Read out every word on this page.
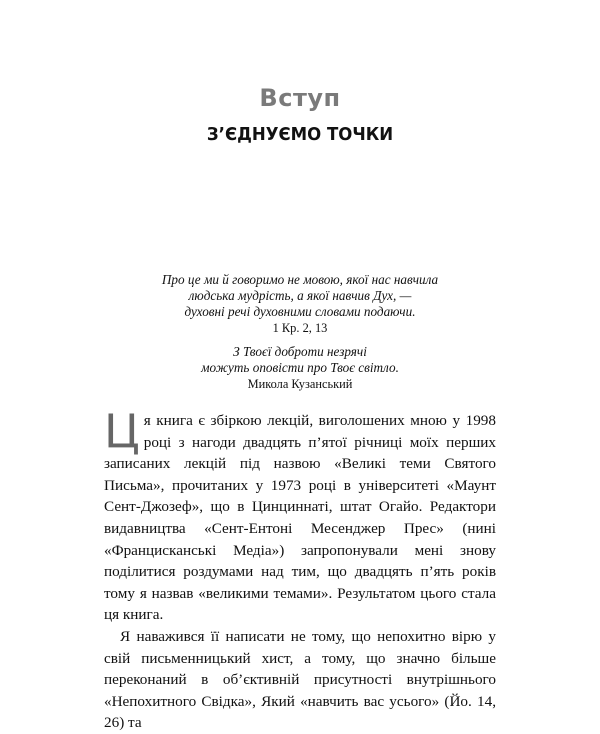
Вступ
З’ЄДНУЄМО ТОЧКИ
Про це ми й говоримо не мовою, якої нас навчила
людська мудрість, а якої навчив Дух, —
духовні речі духовними словами подаючи.
1 Кр. 2, 13
З Твоєї доброти незрячі
можуть оповісти про Твоє світло.
Микола Кузанський

Ця книга є збіркою лекцій, виголошених мною у 1998 році з нагоди двадцять п’ятої річниці моїх перших записаних лекцій під назвою «Великі теми Святого Письма», прочитаних у 1973 році в університеті «Маунт Сент-Джозеф», що в Цинциннаті, штат Огайо. Редактори видавництва «Сент-Ентоні Месенджер Прес» (нині «Францисканські Медіа») запропонували мені знову поділитися роздумами над тим, що двадцять п’ять років тому я назвав «великими темами». Результатом цього стала ця книга.

Я наважився її написати не тому, що непохитно вірю у свій письменницький хист, а тому, що значно більше переконаний в об’єктивній присутності внутрішнього «Непохитного Свідка», Який «навчить вас усього» (Йо. 14, 26) та
